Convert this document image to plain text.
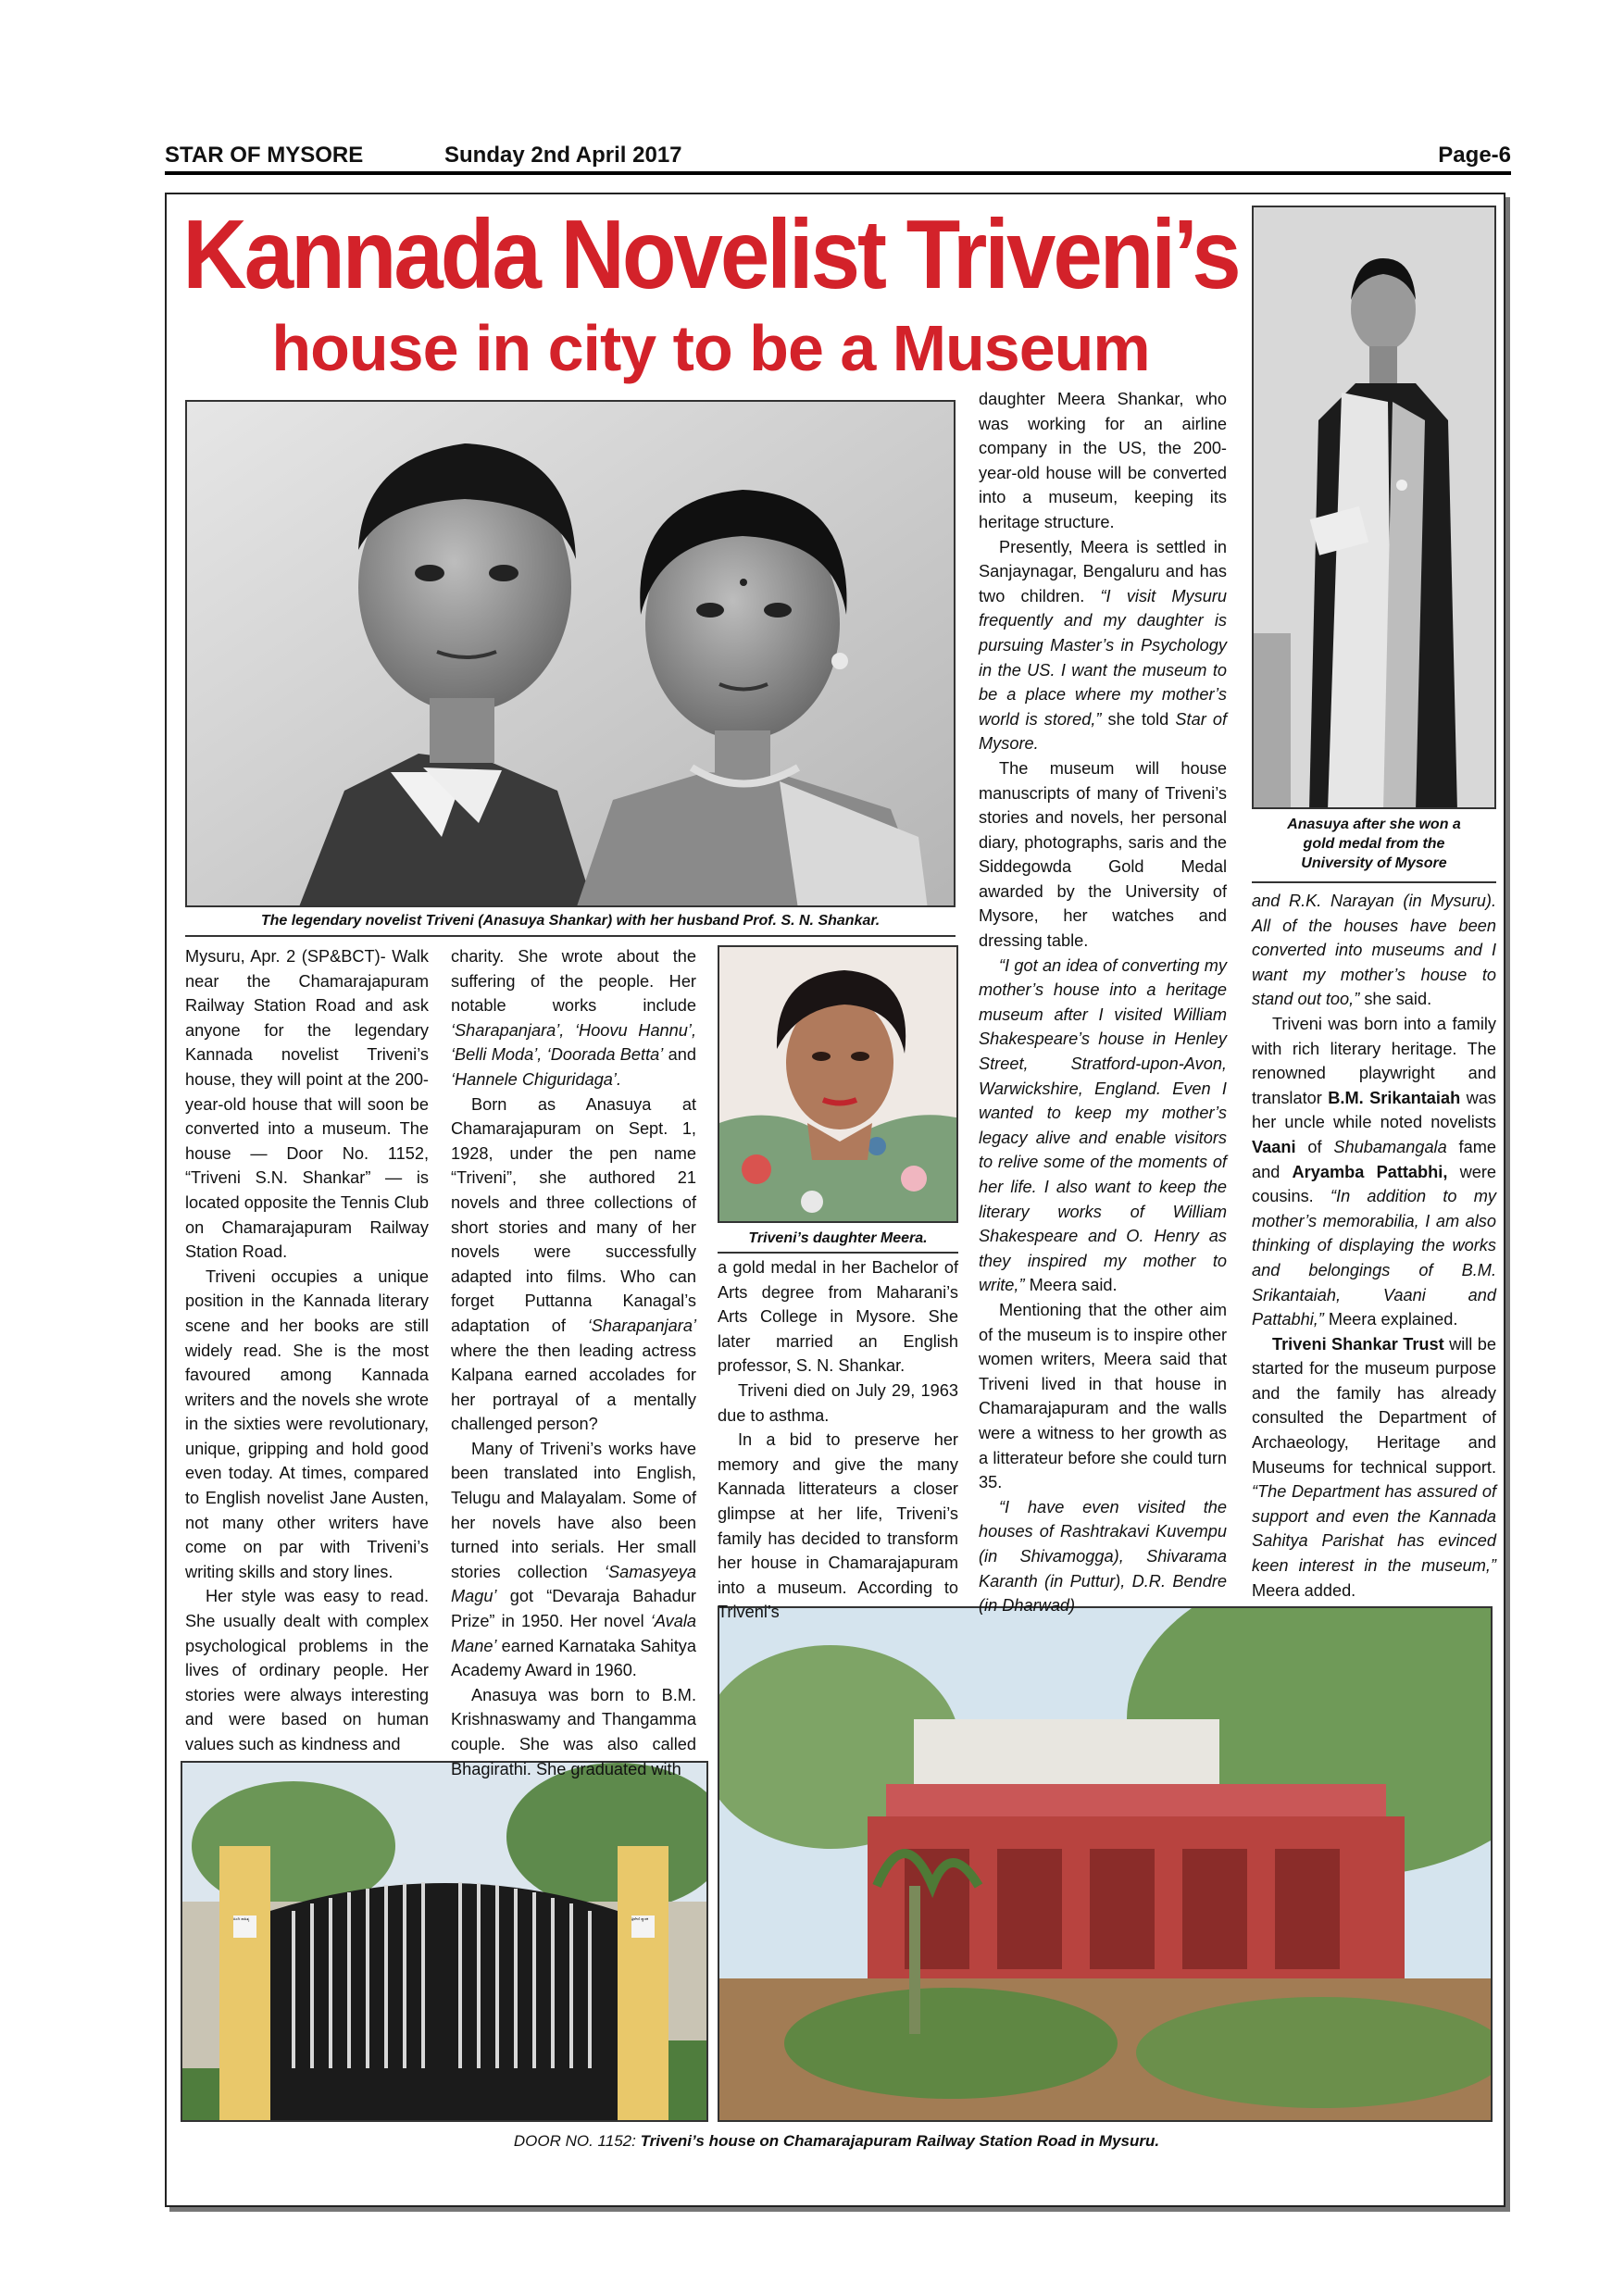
STAR OF MYSORE	Sunday 2nd April 2017	Page-6
Kannada Novelist Triveni’s
house in city to be a Museum
The legendary novelist Triveni (Anasuya Shankar) with her husband Prof. S. N. Shankar.
Anasuya after she won a gold medal from the University of Mysore
Triveni’s daughter Meera.
DOOR NO. 1152: Triveni’s house on Chamarajapuram Railway Station Road in Mysuru.

Mysuru, Apr. 2 (SP&BCT)- Walk near the Chamarajapuram Railway Station Road and ask anyone for the legendary Kannada novelist Triveni’s house, they will point at the 200-year-old house that will soon be converted into a museum. The house — Door No. 1152, “Triveni S.N. Shankar” — is located opposite the Tennis Club on Chamarajapuram Railway Station Road.

Triveni occupies a unique position in the Kannada literary scene and her books are still widely read. She is the most favoured among Kannada writers and the novels she wrote in the sixties were revolutionary, unique, gripping and hold good even today. At times, compared to English novelist Jane Austen, not many other writers have come on par with Triveni’s writing skills and story lines.

Her style was easy to read. She usually dealt with complex psychological problems in the lives of ordinary people. Her stories were always interesting and were based on human values such as kindness and

charity. She wrote about the suffering of the people. Her notable works include ‘Sharapanjara’, ‘Hoovu Hannu’, ‘Belli Moda’, ‘Doorada Betta’ and ‘Hannele Chiguridaga’.

Born as Anasuya at Chamarajapuram on Sept. 1, 1928, under the pen name “Triveni”, she authored 21 novels and three collections of short stories and many of her novels were successfully adapted into films. Who can forget Puttanna Kanagal’s adaptation of ‘Sharapanjara’ where the then leading actress Kalpana earned accolades for her portrayal of a mentally challenged person?

Many of Triveni’s works have been translated into English, Telugu and Malayalam. Some of her novels have also been turned into serials. Her small stories collection ‘Samasyeya Magu’ got “Devaraja Bahadur Prize” in 1950. Her novel ‘Avala Mane’ earned Karnataka Sahitya Academy Award in 1960.

Anasuya was born to B.M. Krishnaswamy and Thangamma couple. She was also called Bhagirathi. She graduated with

a gold medal in her Bachelor of Arts degree from Maharani’s Arts College in Mysore. She later married an English professor, S. N. Shankar.

Triveni died on July 29, 1963 due to asthma.

In a bid to preserve her memory and give the many Kannada litterateurs a closer glimpse at her life, Triveni’s family has decided to transform her house in Chamarajapuram into a museum. According to Triveni’s

daughter Meera Shankar, who was working for an airline company in the US, the 200-year-old house will be converted into a museum, keeping its heritage structure.

Presently, Meera is settled in Sanjaynagar, Bengaluru and has two children. “I visit Mysuru frequently and my daughter is pursuing Master’s in Psychology in the US. I want the museum to be a place where my mother’s world is stored,” she told Star of Mysore.

The museum will house manuscripts of many of Triveni’s stories and novels, her personal diary, photographs, saris and the Siddegowda Gold Medal awarded by the University of Mysore, her watches and dressing table.

“I got an idea of converting my mother’s house into a heritage museum after I visited William Shakespeare’s house in Henley Street, Stratford-upon-Avon, Warwickshire, England. Even I wanted to keep my mother’s legacy alive and enable visitors to relive some of the moments of her life. I also want to keep the literary works of William Shakespeare and O. Henry as they inspired my mother to write,” Meera said.

Mentioning that the other aim of the museum is to inspire other women writers, Meera said that Triveni lived in that house in Chamarajapuram and the walls were a witness to her growth as a litterateur before she could turn 35.

“I have even visited the houses of Rashtrakavi Kuvempu (in Shivamogga), Shivarama Karanth (in Puttur), D.R. Bendre (in Dharwad)

and R.K. Narayan (in Mysuru). All of the houses have been converted into museums and I want my mother’s house to stand out too,” she said.

Triveni was born into a family with rich literary heritage. The renowned playwright and translator B.M. Srikantaiah was her uncle while noted novelists Vaani of Shubamangala fame and Aryamba Pattabhi, were cousins. “In addition to my mother’s memorabilia, I am also thinking of displaying the works and belongings of B.M. Srikantaiah, Vaani and Pattabhi,” Meera explained.

Triveni Shankar Trust will be started for the museum purpose and the family has already consulted the Department of Archaeology, Heritage and Museums for technical support. “The Department has assured of support and even the Kannada Sahitya Parishat has evinced keen interest in the museum,” Meera added.

ಹಿಂದಿ ಸಾಹಿತ್ಯ	ತ್ರಿವೇಣಿ ಸ್ಮಾರಕ
